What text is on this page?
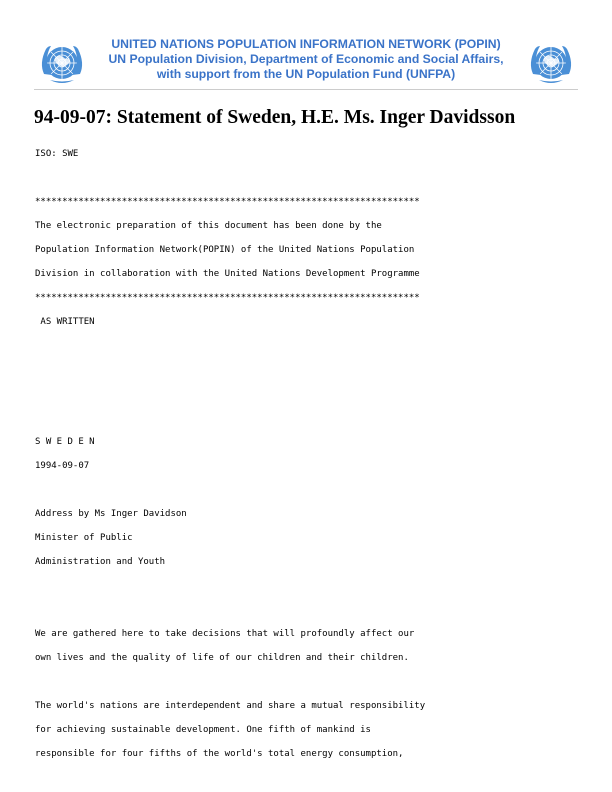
UNITED NATIONS POPULATION INFORMATION NETWORK (POPIN)
UN Population Division, Department of Economic and Social Affairs,
with support from the UN Population Fund (UNFPA)
94-09-07: Statement of Sweden, H.E. Ms. Inger Davidsson
ISO: SWE
***********************************************************************
The electronic preparation of this document has been done by the
Population Information Network(POPIN) of the United Nations Population
Division in collaboration with the United Nations Development Programme
***********************************************************************
AS WRITTEN
S W E D E N
1994-09-07
Address by Ms Inger Davidson
Minister of Public
Administration and Youth
We are gathered here to take decisions that will profoundly affect our
own lives and the quality of life of our children and their children.
The world's nations are interdependent and share a mutual responsibility
for achieving sustainable development. One fifth of mankind is
responsible for four fifths of the world's total energy consumption,
